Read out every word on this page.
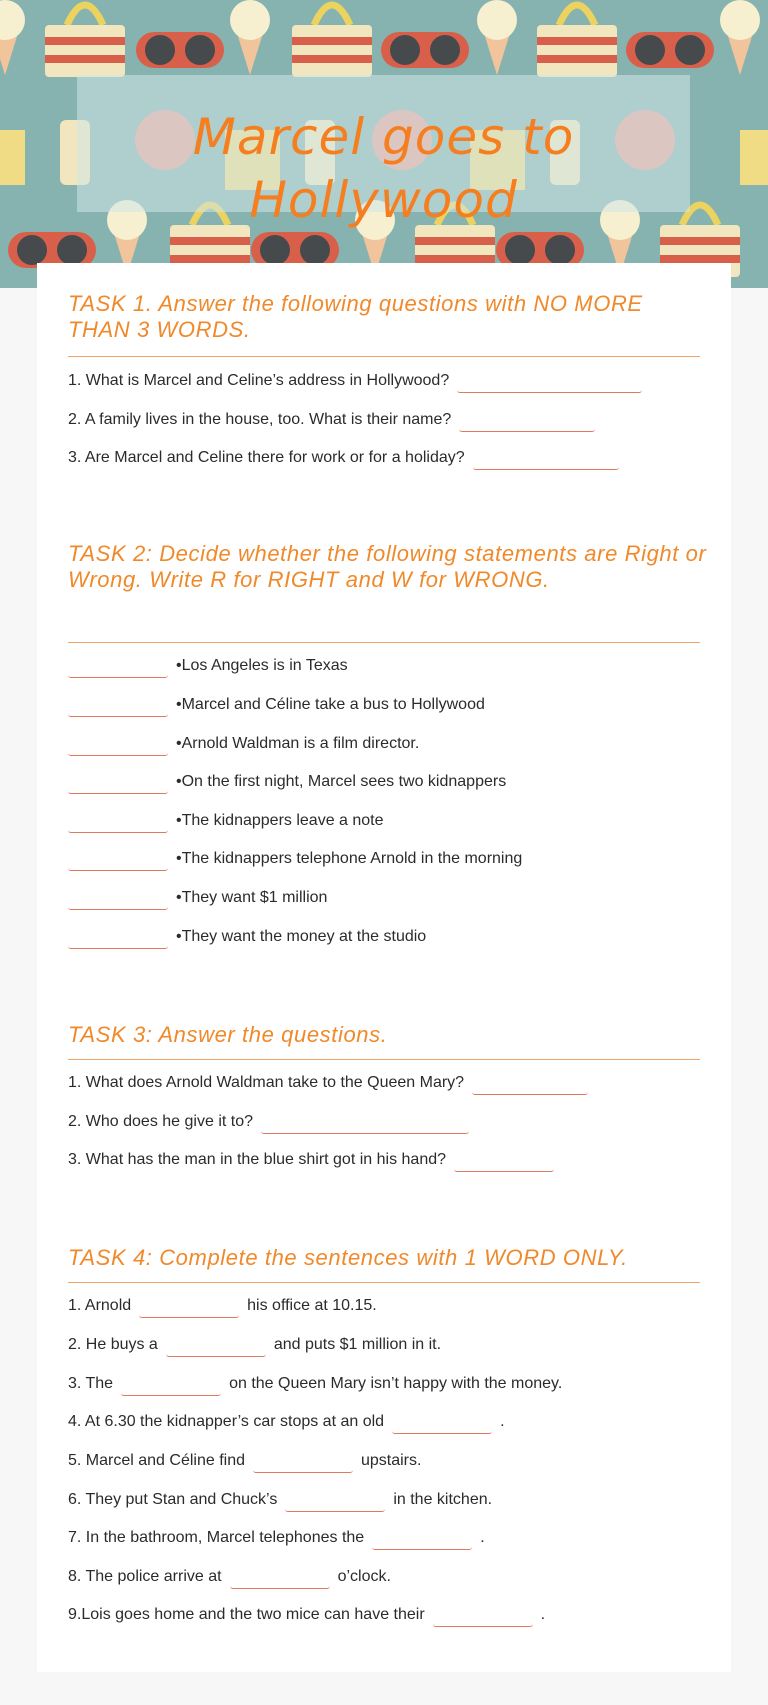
Marcel goes to Hollywood
TASK 1. Answer the following questions with NO MORE THAN 3 WORDS.
1. What is Marcel and Celine’s address in Hollywood?
2. A family lives in the house, too. What is their name?
3. Are Marcel and Celine there for work or for a holiday?
TASK 2: Decide whether the following statements are Right or Wrong. Write R for RIGHT and W for WRONG.
•Los Angeles is in Texas
•Marcel and Céline take a bus to Hollywood
•Arnold Waldman is a film director.
•On the first night, Marcel sees two kidnappers
•The kidnappers leave a note
•The kidnappers telephone Arnold in the morning
•They want $1 million
•They want the money at the studio
TASK 3: Answer the questions.
1. What does Arnold Waldman take to the Queen Mary?
2. Who does he give it to?
3. What has the man in the blue shirt got in his hand?
TASK 4: Complete the sentences with 1 WORD ONLY.
1. Arnold	his office at 10.15.
2. He buys a	and puts $1 million in it.
3. The	on the Queen Mary isn’t happy with the money.
4. At 6.30 the kidnapper’s car stops at an old	.
5. Marcel and Céline find	upstairs.
6. They put Stan and Chuck’s	in the kitchen.
7. In the bathroom, Marcel telephones the	.
8. The police arrive at	o’clock.
9.Lois goes home and the two mice can have their	.
